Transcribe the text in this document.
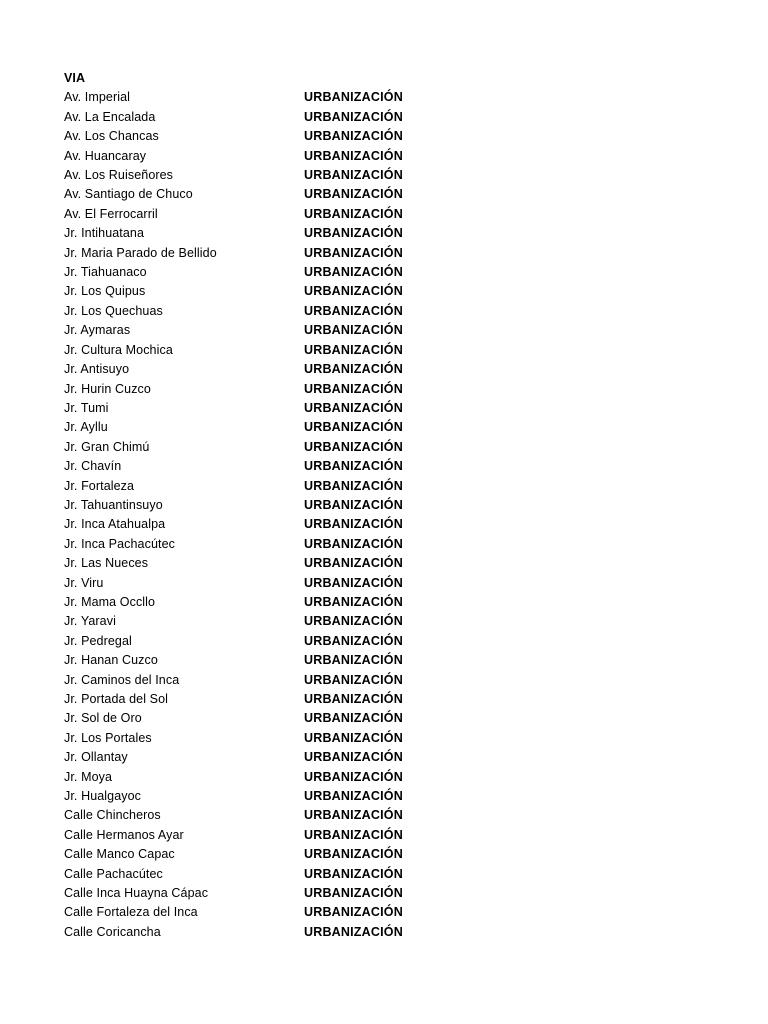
VIA
Av. Imperial	URBANIZACIÓN
Av. La Encalada	URBANIZACIÓN
Av. Los Chancas	URBANIZACIÓN
Av. Huancaray	URBANIZACIÓN
Av. Los Ruiseñores	URBANIZACIÓN
Av. Santiago de Chuco	URBANIZACIÓN
Av. El Ferrocarril	URBANIZACIÓN
Jr. Intihuatana	URBANIZACIÓN
Jr. Maria Parado de Bellido	URBANIZACIÓN
Jr. Tiahuanaco	URBANIZACIÓN
Jr. Los Quipus	URBANIZACIÓN
Jr. Los Quechuas	URBANIZACIÓN
Jr. Aymaras	URBANIZACIÓN
Jr. Cultura Mochica	URBANIZACIÓN
Jr. Antisuyo	URBANIZACIÓN
Jr. Hurin Cuzco	URBANIZACIÓN
Jr. Tumi	URBANIZACIÓN
Jr. Ayllu	URBANIZACIÓN
Jr. Gran Chimú	URBANIZACIÓN
Jr. Chavín	URBANIZACIÓN
Jr. Fortaleza	URBANIZACIÓN
Jr. Tahuantinsuyo	URBANIZACIÓN
Jr. Inca Atahualpa	URBANIZACIÓN
Jr. Inca Pachacútec	URBANIZACIÓN
Jr. Las Nueces	URBANIZACIÓN
Jr. Viru	URBANIZACIÓN
Jr. Mama Occllo	URBANIZACIÓN
Jr. Yaravi	URBANIZACIÓN
Jr. Pedregal	URBANIZACIÓN
Jr. Hanan Cuzco	URBANIZACIÓN
Jr. Caminos del Inca	URBANIZACIÓN
Jr. Portada del Sol	URBANIZACIÓN
Jr. Sol de Oro	URBANIZACIÓN
Jr. Los Portales	URBANIZACIÓN
Jr. Ollantay	URBANIZACIÓN
Jr. Moya	URBANIZACIÓN
Jr. Hualgayoc	URBANIZACIÓN
Calle Chincheros	URBANIZACIÓN
Calle Hermanos Ayar	URBANIZACIÓN
Calle Manco Capac	URBANIZACIÓN
Calle Pachacútec	URBANIZACIÓN
Calle Inca Huayna Cápac	URBANIZACIÓN
Calle Fortaleza del Inca	URBANIZACIÓN
Calle Coricancha	URBANIZACIÓN
